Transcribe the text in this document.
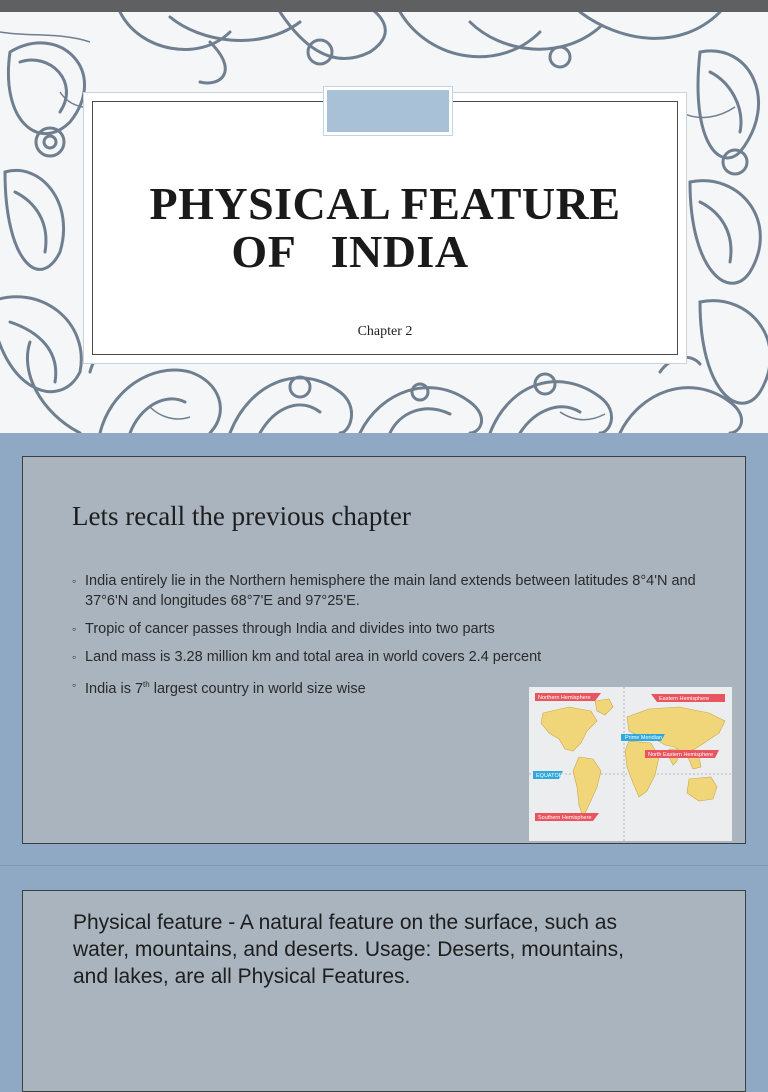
PHYSICAL FEATURE
OF   INDIA
Chapter 2
Lets recall the previous chapter
◦ India entirely lie in the Northern hemisphere the main land extends between latitudes 8°4'N and 37°6'N and longitudes 68°7'E and 97°25'E.
◦ Tropic of cancer passes through India and divides into two parts
◦ Land mass is 3.28 million km and total area in world covers 2.4 percent
◦ India is 7th largest country in world size wise
Northern Hemisphere	Eastern Hemisphere
Prime Meridian
North Eastern Hemisphere
EQUATOR
Southern Hemisphere
Physical feature - A natural feature on the surface, such as water, mountains, and deserts. Usage: Deserts, mountains, and lakes, are all Physical Features.
